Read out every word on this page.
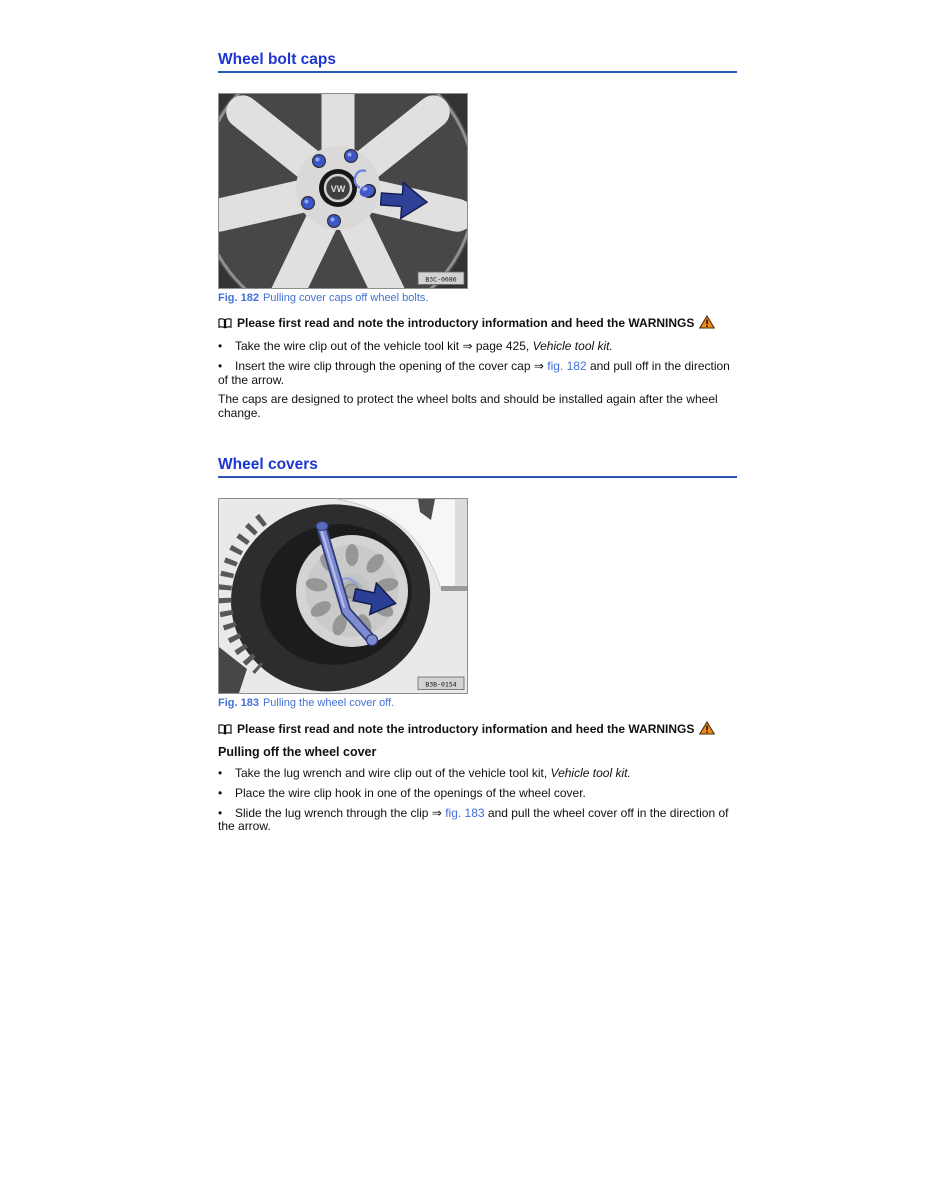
Wheel bolt caps
VW
B3C-0086
Fig. 182 Pulling cover caps off wheel bolts.
Please first read and note the introductory information and heed the WARNINGS
• Take the wire clip out of the vehicle tool kit ⇒ page 425, Vehicle tool kit.
• Insert the wire clip through the opening of the cover cap ⇒ fig. 182 and pull off in the direction of the arrow.
The caps are designed to protect the wheel bolts and should be installed again after the wheel change.
Wheel covers
B3B-0154
Fig. 183 Pulling the wheel cover off.
Please first read and note the introductory information and heed the WARNINGS
Pulling off the wheel cover
• Take the lug wrench and wire clip out of the vehicle tool kit, Vehicle tool kit.
• Place the wire clip hook in one of the openings of the wheel cover.
• Slide the lug wrench through the clip ⇒ fig. 183 and pull the wheel cover off in the direction of the arrow.
